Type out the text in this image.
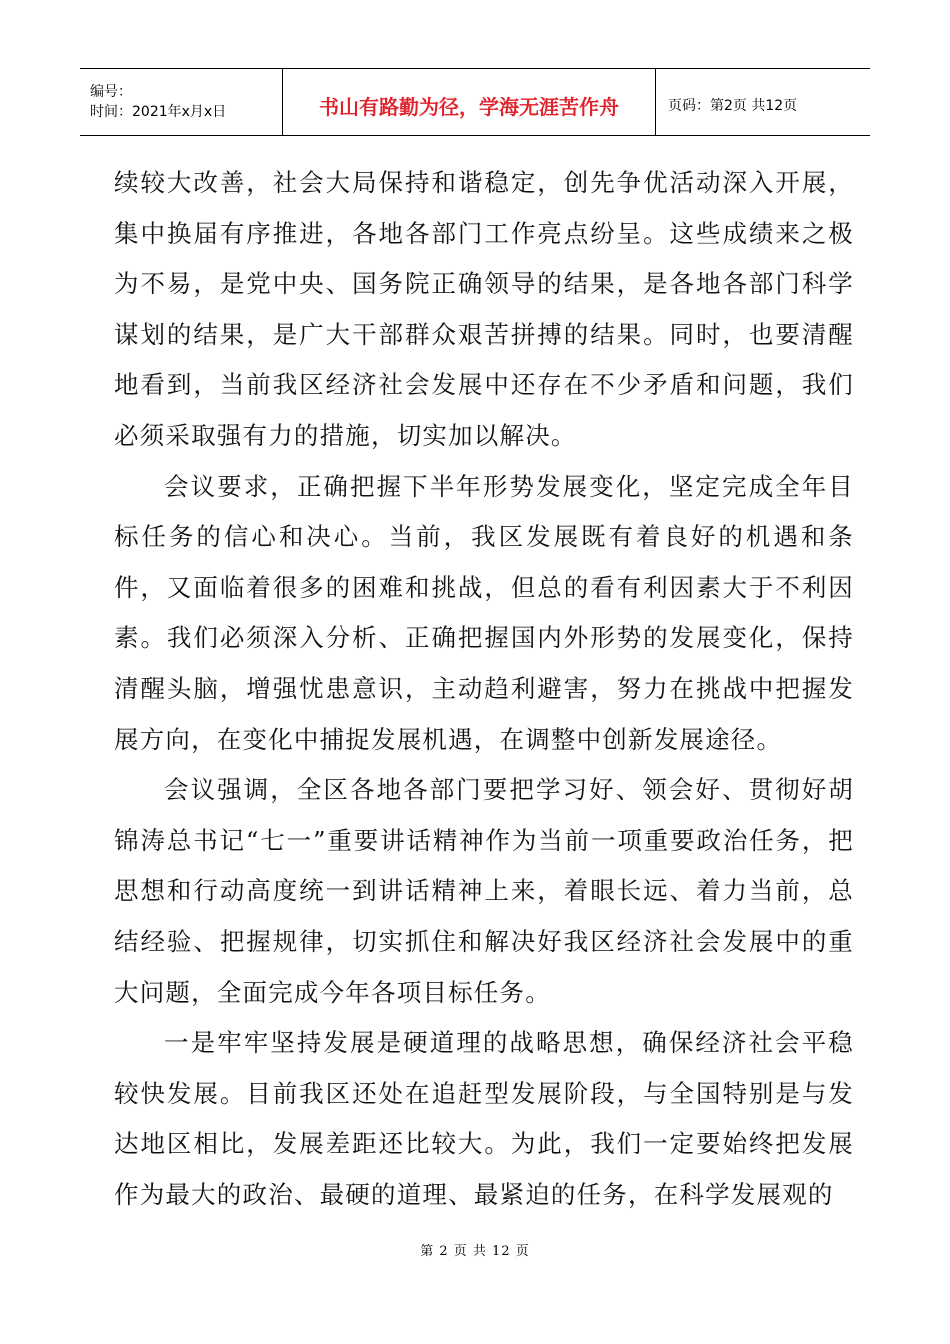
编号：
时间：2021年x月x日	书山有路勤为径，学海无涯苦作舟	页码：第2页 共12页

续较大改善，社会大局保持和谐稳定，创先争优活动深入开展，集中换届有序推进，各地各部门工作亮点纷呈。这些成绩来之极为不易，是党中央、国务院正确领导的结果，是各地各部门科学谋划的结果，是广大干部群众艰苦拼搏的结果。同时，也要清醒地看到，当前我区经济社会发展中还存在不少矛盾和问题，我们必须采取强有力的措施，切实加以解决。

会议要求，正确把握下半年形势发展变化，坚定完成全年目标任务的信心和决心。当前，我区发展既有着良好的机遇和条件，又面临着很多的困难和挑战，但总的看有利因素大于不利因素。我们必须深入分析、正确把握国内外形势的发展变化，保持清醒头脑，增强忧患意识，主动趋利避害，努力在挑战中把握发展方向，在变化中捕捉发展机遇，在调整中创新发展途径。

会议强调，全区各地各部门要把学习好、领会好、贯彻好胡锦涛总书记“七一”重要讲话精神作为当前一项重要政治任务，把思想和行动高度统一到讲话精神上来，着眼长远、着力当前，总结经验、把握规律，切实抓住和解决好我区经济社会发展中的重大问题，全面完成今年各项目标任务。

一是牢牢坚持发展是硬道理的战略思想，确保经济社会平稳较快发展。目前我区还处在追赶型发展阶段，与全国特别是与发达地区相比，发展差距还比较大。为此，我们一定要始终把发展作为最大的政治、最硬的道理、最紧迫的任务，在科学发展观的

第 2 页 共 12 页
